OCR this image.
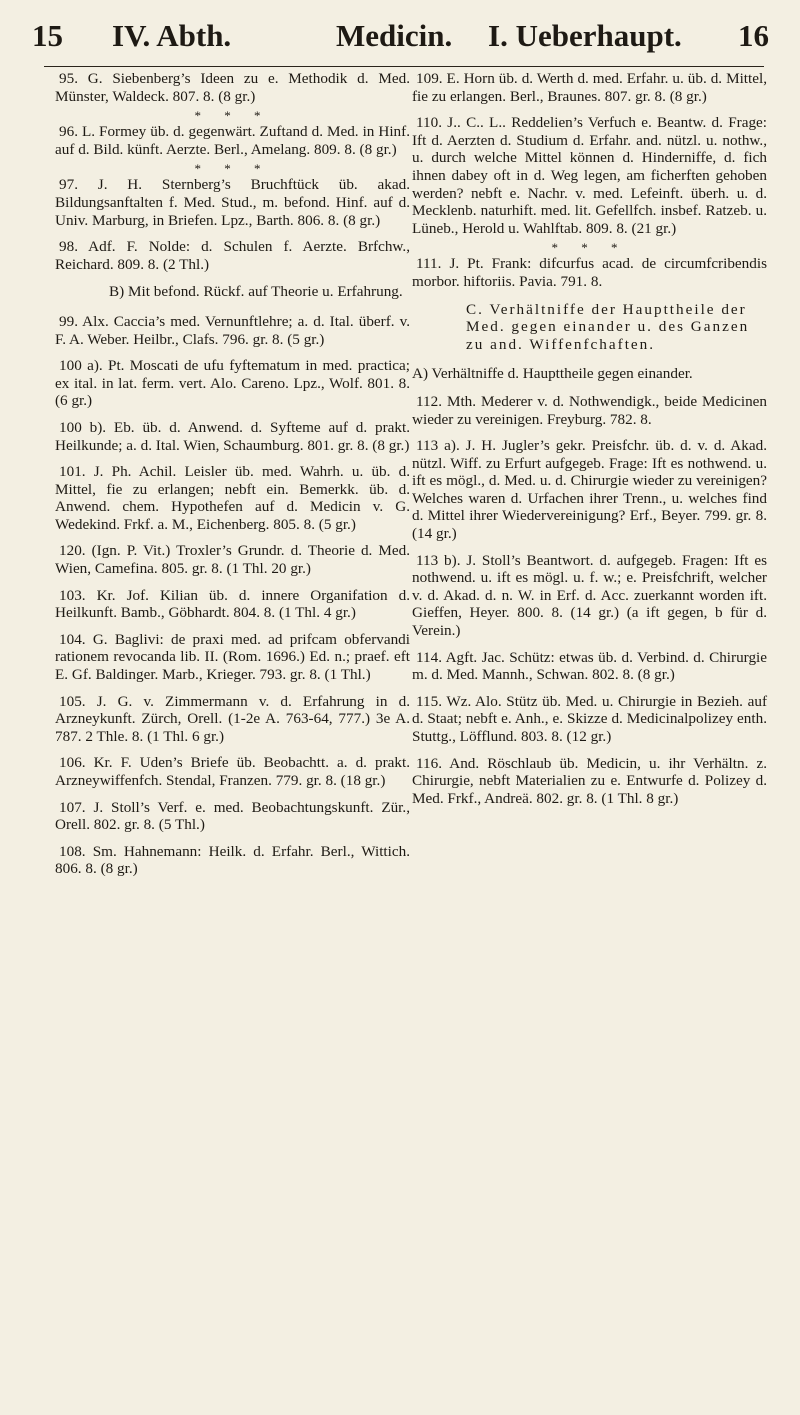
15 IV. Abth.	Medicin. I. Ueberhaupt. 16

95. G. Siebenberg’s Ideen zu e. Methodik d. Med. Münster, Waldeck. 807. 8. (8 gr.)

* * *

96. L. Formey üb. d. gegenwärt. Zuftand d. Med. in Hinf. auf d. Bild. künft. Aerzte. Berl., Amelang. 809. 8. (8 gr.)

* * *

97. J. H. Sternberg’s Bruchftück üb. akad. Bildungsanftalten f. Med. Stud., m. befond. Hinf. auf d. Univ. Marburg, in Briefen. Lpz., Barth. 806. 8. (8 gr.)

98. Adf. F. Nolde: d. Schulen f. Aerzte. Brfchw., Reichard. 809. 8. (2 Thl.)

B) Mit befond. Rückf. auf Theorie u. Erfahrung.

99. Alx. Caccia’s med. Vernunftlehre; a. d. Ital. überf. v. F. A. Weber. Heilbr., Clafs. 796. gr. 8. (5 gr.)

100 a). Pt. Moscati de ufu fyftematum in med. practica; ex ital. in lat. ferm. vert. Alo. Careno. Lpz., Wolf. 801. 8. (6 gr.)

100 b). Eb. üb. d. Anwend. d. Syfteme auf d. prakt. Heilkunde; a. d. Ital. Wien, Schaumburg. 801. gr. 8. (8 gr.)

101. J. Ph. Achil. Leisler üb. med. Wahrh. u. üb. d. Mittel, fie zu erlangen; nebft ein. Bemerkk. üb. d. Anwend. chem. Hypothefen auf d. Medicin v. G. Wedekind. Frkf. a. M., Eichenberg. 805. 8. (5 gr.)

120. (Ign. P. Vit.) Troxler’s Grundr. d. Theorie d. Med. Wien, Camefina. 805. gr. 8. (1 Thl. 20 gr.)

103. Kr. Jof. Kilian üb. d. innere Organifation d. Heilkunft. Bamb., Göbhardt. 804. 8. (1 Thl. 4 gr.)

104. G. Baglivi: de praxi med. ad prifcam obfervandi rationem revocanda lib. II. (Rom. 1696.) Ed. n.; praef. eft E. Gf. Baldinger. Marb., Krieger. 793. gr. 8. (1 Thl.)

105. J. G. v. Zimmermann v. d. Erfahrung in d. Arzneykunft. Zürch, Orell. (1-2e A. 763-64, 777.) 3e A. 787. 2 Thle. 8. (1 Thl. 6 gr.)

106. Kr. F. Uden’s Briefe üb. Beobachtt. a. d. prakt. Arzneywiffenfch. Stendal, Franzen. 779. gr. 8. (18 gr.)

107. J. Stoll’s Verf. e. med. Beobachtungskunft. Zür., Orell. 802. gr. 8. (5 Thl.)

108. Sm. Hahnemann: Heilk. d. Erfahr. Berl., Wittich. 806. 8. (8 gr.)

109. E. Horn üb. d. Werth d. med. Erfahr. u. üb. d. Mittel, fie zu erlangen. Berl., Braunes. 807. gr. 8. (8 gr.)

110. J.. C.. L.. Reddelien’s Verfuch e. Beantw. d. Frage: Ift d. Aerzten d. Studium d. Erfahr. and. nützl. u. nothw., u. durch welche Mittel können d. Hinderniffe, d. fich ihnen dabey oft in d. Weg legen, am ficherften gehoben werden? nebft e. Nachr. v. med. Lefeinft. überh. u. d. Mecklenb. naturhift. med. lit. Gefellfch. insbef. Ratzeb. u. Lüneb., Herold u. Wahlftab. 809. 8. (21 gr.)

* * *

111. J. Pt. Frank: difcurfus acad. de circumfcribendis morbor. hiftoriis. Pavia. 791. 8.

C. Verhältniffe der Haupttheile der Med. gegen einander u. des Ganzen zu and. Wiffenfchaften.

A) Verhältniffe d. Haupttheile gegen einander.

112. Mth. Mederer v. d. Nothwendigk., beide Medicinen wieder zu vereinigen. Freyburg. 782. 8.

113 a). J. H. Jugler’s gekr. Preisfchr. üb. d. v. d. Akad. nützl. Wiff. zu Erfurt aufgegeb. Frage: Ift es nothwend. u. ift es mögl., d. Med. u. d. Chirurgie wieder zu vereinigen? Welches waren d. Urfachen ihrer Trenn., u. welches find d. Mittel ihrer Wiedervereinigung? Erf., Beyer. 799. gr. 8. (14 gr.)

113 b). J. Stoll’s Beantwort. d. aufgegeb. Fragen: Ift es nothwend. u. ift es mögl. u. f. w.; e. Preisfchrift, welcher v. d. Akad. d. n. W. in Erf. d. Acc. zuerkannt worden ift. Gieffen, Heyer. 800. 8. (14 gr.) (a ift gegen, b für d. Verein.)

114. Agft. Jac. Schütz: etwas üb. d. Verbind. d. Chirurgie m. d. Med. Mannh., Schwan. 802. 8. (8 gr.)

115. Wz. Alo. Stütz üb. Med. u. Chirurgie in Bezieh. auf d. Staat; nebft e. Anh., e. Skizze d. Medicinalpolizey enth. Stuttg., Löfflund. 803. 8. (12 gr.)

116. And. Röschlaub üb. Medicin, u. ihr Verhältn. z. Chirurgie, nebft Materialien zu e. Entwurfe d. Polizey d. Med. Frkf., Andreä. 802. gr. 8. (1 Thl. 8 gr.)
